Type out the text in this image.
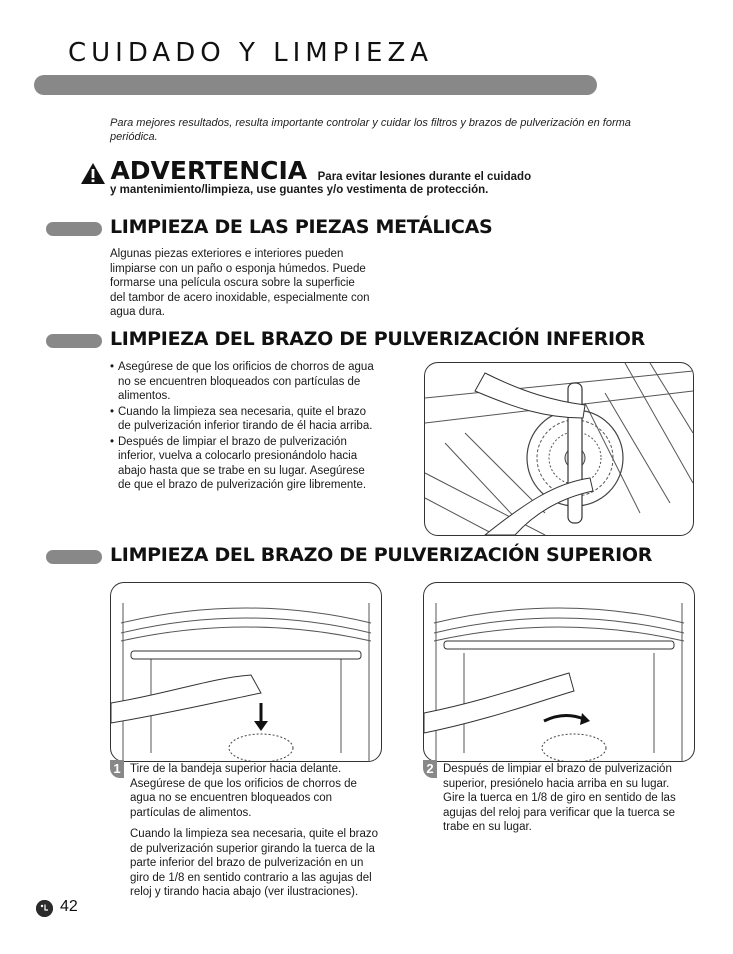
CUIDADO Y LIMPIEZA
Para mejores resultados, resulta importante controlar y cuidar los filtros y brazos de pulverización en forma periódica.
ADVERTENCIA Para evitar lesiones durante el cuidado
y mantenimiento/limpieza, use guantes y/o vestimenta de protección.
LIMPIEZA DE LAS PIEZAS METÁLICAS
Algunas piezas exteriores e interiores pueden limpiarse con un paño o esponja húmedos. Puede formarse una película oscura sobre la superficie del tambor de acero inoxidable, especialmente con agua dura.
LIMPIEZA DEL BRAZO DE PULVERIZACIÓN INFERIOR
• Asegúrese de que los orificios de chorros de agua no se encuentren bloqueados con partículas de alimentos.
• Cuando la limpieza sea necesaria, quite el brazo de pulverización inferior tirando de él hacia arriba.
• Después de limpiar el brazo de pulverización inferior, vuelva a colocarlo presionándolo hacia abajo hasta que se trabe en su lugar. Asegúrese de que el brazo de pulverización gire libremente.
LIMPIEZA DEL BRAZO DE PULVERIZACIÓN SUPERIOR
1 Tire de la bandeja superior hacia delante. Asegúrese de que los orificios de chorros de agua no se encuentren bloqueados con partículas de alimentos.

Cuando la limpieza sea necesaria, quite el brazo de pulverización superior girando la tuerca de la parte inferior del brazo de pulverización en un giro de 1/8 en sentido contrario a las agujas del reloj y tirando hacia abajo (ver ilustraciones).

2 Después de limpiar el brazo de pulverización superior, presiónelo hacia arriba en su lugar. Gire la tuerca en 1/8 de giro en sentido de las agujas del reloj para verificar que la tuerca se trabe en su lugar.

42
